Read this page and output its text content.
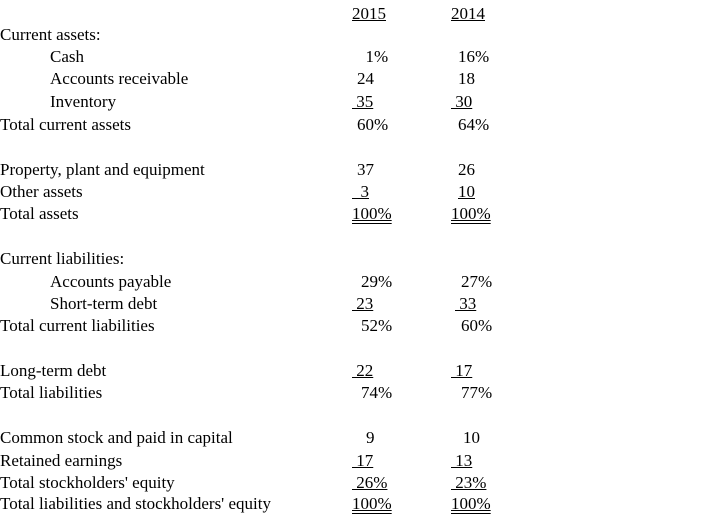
2015	2014
Current assets:
Cash	1%	16%
Accounts receivable	24	18
Inventory	35	30
Total current assets	60%	64%
Property, plant and equipment	37	26
Other assets	3	10
Total assets	100%	100%
Current liabilities:
Accounts payable	29%	27%
Short-term debt	23	33
Total current liabilities	52%	60%
Long-term debt	22	17
Total liabilities	74%	77%
Common stock and paid in capital	9	10
Retained earnings	17	13
Total stockholders' equity	26%	23%
Total liabilities and stockholders' equity	100%	100%
